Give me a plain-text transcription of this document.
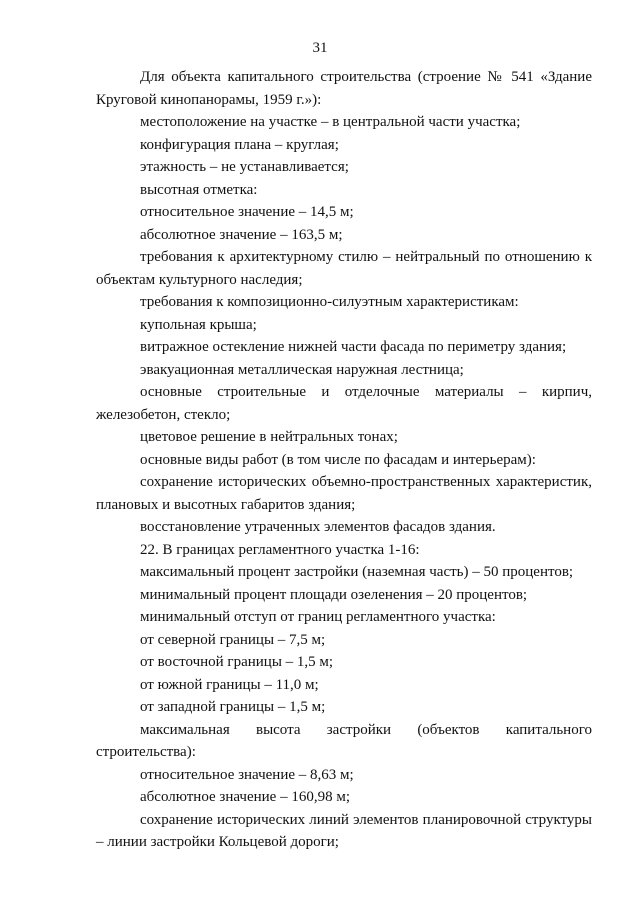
31

Для объекта капитального строительства (строение № 541 «Здание Круговой кинопанорамы, 1959 г.»):

местоположение на участке – в центральной части участка;

конфигурация плана – круглая;

этажность – не устанавливается;

высотная отметка:

относительное значение – 14,5 м;

абсолютное значение – 163,5 м;

требования к архитектурному стилю – нейтральный по отношению к объектам культурного наследия;

требования к композиционно-силуэтным характеристикам:

купольная крыша;

витражное остекление нижней части фасада по периметру здания;

эвакуационная металлическая наружная лестница;

основные строительные и отделочные материалы – кирпич, железобетон, стекло;

цветовое решение в нейтральных тонах;

основные виды работ (в том числе по фасадам и интерьерам):

сохранение исторических объемно-пространственных характеристик, плановых и высотных габаритов здания;

восстановление утраченных элементов фасадов здания.

22. В границах регламентного участка 1-16:

максимальный процент застройки (наземная часть) – 50 процентов;

минимальный процент площади озеленения – 20 процентов;

минимальный отступ от границ регламентного участка:

от северной границы – 7,5 м;

от восточной границы – 1,5 м;

от южной границы – 11,0 м;

от западной границы – 1,5 м;

максимальная высота застройки (объектов капитального строительства):

относительное значение – 8,63 м;

абсолютное значение – 160,98 м;

сохранение исторических линий элементов планировочной структуры – линии застройки Кольцевой дороги;
